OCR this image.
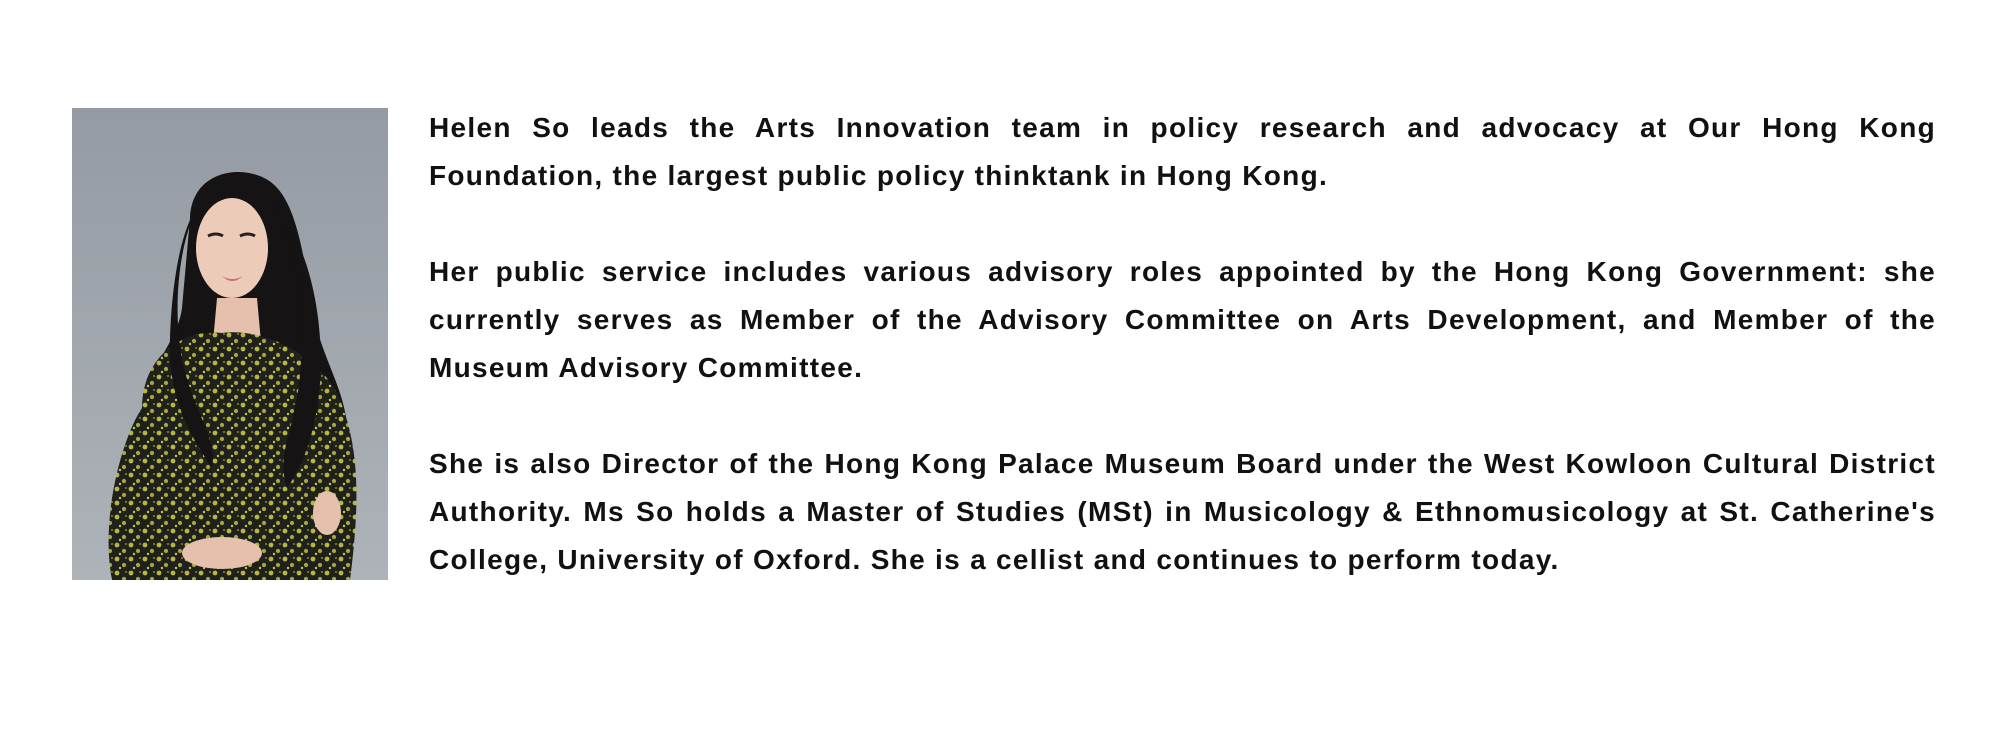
Helen So leads the Arts Innovation team in policy research and advocacy at Our Hong Kong Foundation, the largest public policy thinktank in Hong Kong.

Her public service includes various advisory roles appointed by the Hong Kong Government: she currently serves as Member of the Advisory Committee on Arts Development, and Member of the Museum Advisory Committee.

She is also Director of the Hong Kong Palace Museum Board under the West Kowloon Cultural District Authority. Ms So holds a Master of Studies (MSt) in Musicology & Ethnomusicology at St. Catherine's College, University of Oxford. She is a cellist and continues to perform today.
